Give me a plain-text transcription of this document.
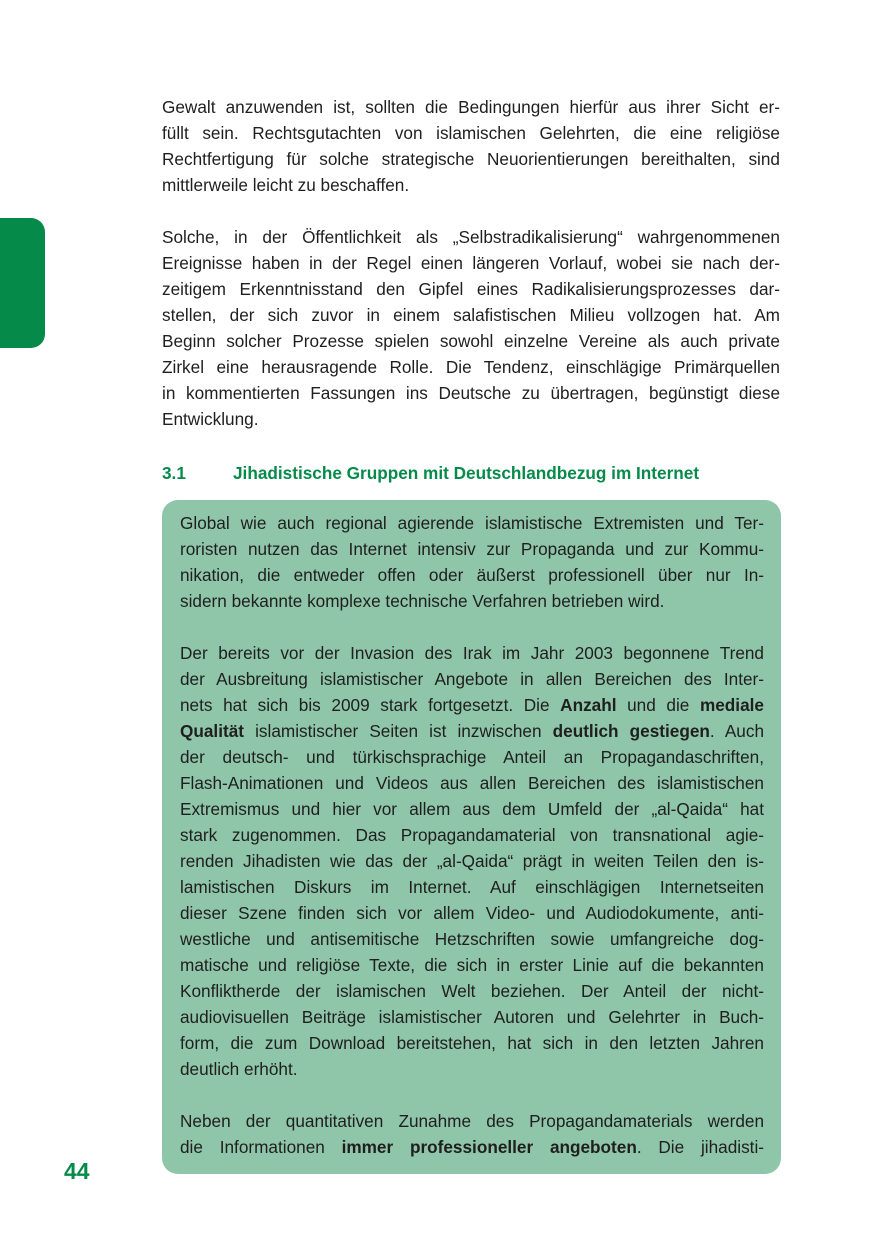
Gewalt anzuwenden ist, sollten die Bedingungen hierfür aus ihrer Sicht er-
füllt sein. Rechtsgutachten von islamischen Gelehrten, die eine religiöse
Rechtfertigung für solche strategische Neuorientierungen bereithalten, sind
mittlerweile leicht zu beschaffen.
Solche, in der Öffentlichkeit als „Selbstradikalisierung“ wahrgenommenen
Ereignisse haben in der Regel einen längeren Vorlauf, wobei sie nach der-
zeitigem Erkenntnisstand den Gipfel eines Radikalisierungsprozesses dar-
stellen, der sich zuvor in einem salafistischen Milieu vollzogen hat. Am
Beginn solcher Prozesse spielen sowohl einzelne Vereine als auch private
Zirkel eine herausragende Rolle. Die Tendenz, einschlägige Primärquellen
in kommentierten Fassungen ins Deutsche zu übertragen, begünstigt diese
Entwicklung.
3.1	Jihadistische Gruppen mit Deutschlandbezug im Internet
Global wie auch regional agierende islamistische Extremisten und Ter-
roristen nutzen das Internet intensiv zur Propaganda und zur Kommu-
nikation, die entweder offen oder äußerst professionell über nur In-
sidern bekannte komplexe technische Verfahren betrieben wird.
Der bereits vor der Invasion des Irak im Jahr 2003 begonnene Trend
der Ausbreitung islamistischer Angebote in allen Bereichen des Inter-
nets hat sich bis 2009 stark fortgesetzt. Die Anzahl und die mediale
Qualität islamistischer Seiten ist inzwischen deutlich gestiegen. Auch
der deutsch- und türkischsprachige Anteil an Propagandaschriften,
Flash-Animationen und Videos aus allen Bereichen des islamistischen
Extremismus und hier vor allem aus dem Umfeld der „al-Qaida“ hat
stark zugenommen. Das Propagandamaterial von transnational agie-
renden Jihadisten wie das der „al-Qaida“ prägt in weiten Teilen den is-
lamistischen Diskurs im Internet. Auf einschlägigen Internetseiten
dieser Szene finden sich vor allem Video- und Audiodokumente, anti-
westliche und antisemitische Hetzschriften sowie umfangreiche dog-
matische und religiöse Texte, die sich in erster Linie auf die bekannten
Konfliktherde der islamischen Welt beziehen. Der Anteil der nicht-
audiovisuellen Beiträge islamistischer Autoren und Gelehrter in Buch-
form, die zum Download bereitstehen, hat sich in den letzten Jahren
deutlich erhöht.
Neben der quantitativen Zunahme des Propagandamaterials werden
die Informationen immer professioneller angeboten. Die jihadisti-
44
